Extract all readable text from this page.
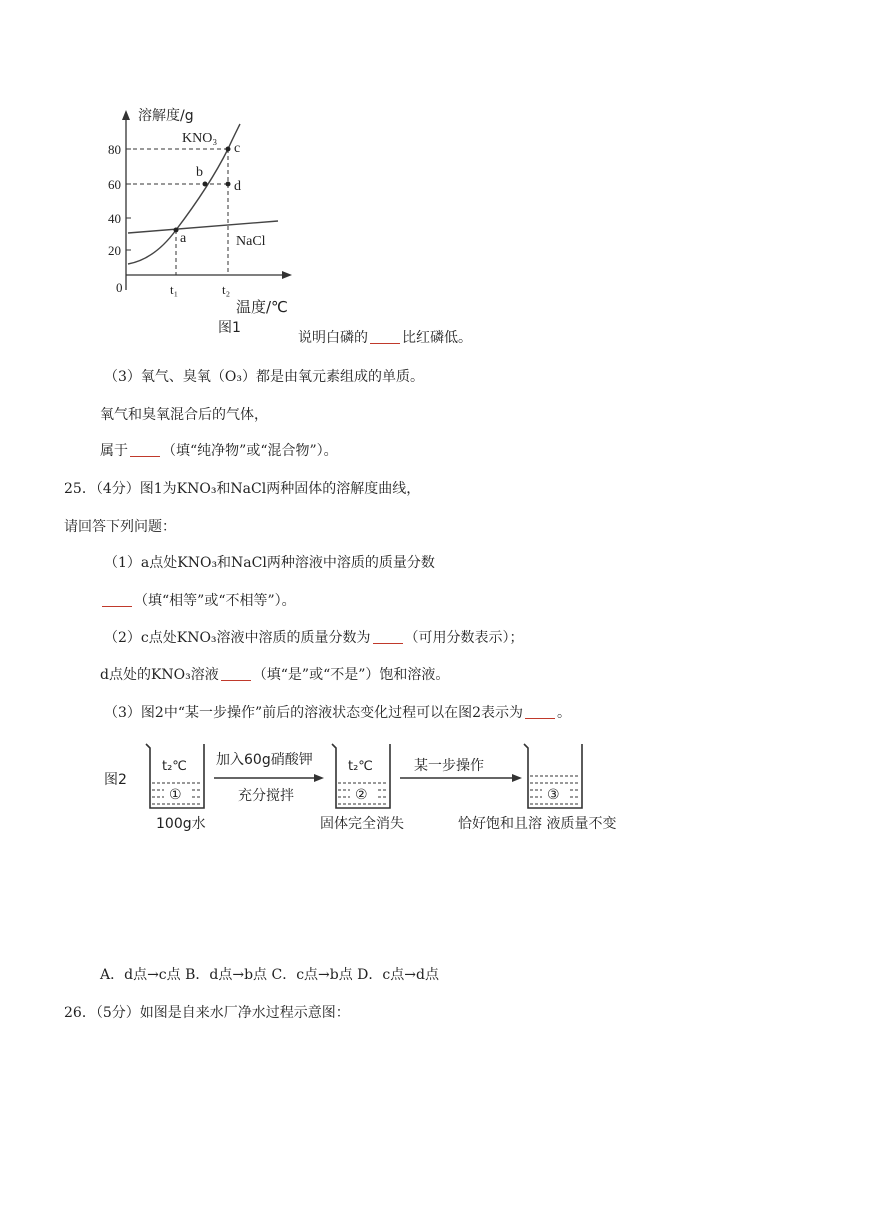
溶解度/g
80
60
40
20
0	t₁	t₂
温度/℃
图1
a
b
c
d
KNO₃
NaCl
说明白磷的 比红磷低。
（3）氧气、臭氧（O₃）都是由氧元素组成的单质。
氧气和臭氧混合后的气体，
属于 （填“纯净物”或“混合物”）。
25．（4分）图1为KNO₃和NaCl两种固体的溶解度曲线，
请回答下列问题：
（1）a点处KNO₃和NaCl两种溶液中溶质的质量分数
（填“相等”或“不相等”）。
（2）c点处KNO₃溶液中溶质的质量分数为 （可用分数表示）；
d点处的KNO₃溶液 （填“是”或“不是”）饱和溶液。
（3）图2中“某一步操作”前后的溶液状态变化过程可以在图2表示为 。
图2
t₂℃
①
100g水
加入60g硝酸钾
充分搅拌
t₂℃
②
固体完全消失
某一步操作
③
恰好饱和且溶 液质量不变
A．d点→c点 B．d点→b点 C．c点→b点 D．c点→d点
26．（5分）如图是自来水厂净水过程示意图：
